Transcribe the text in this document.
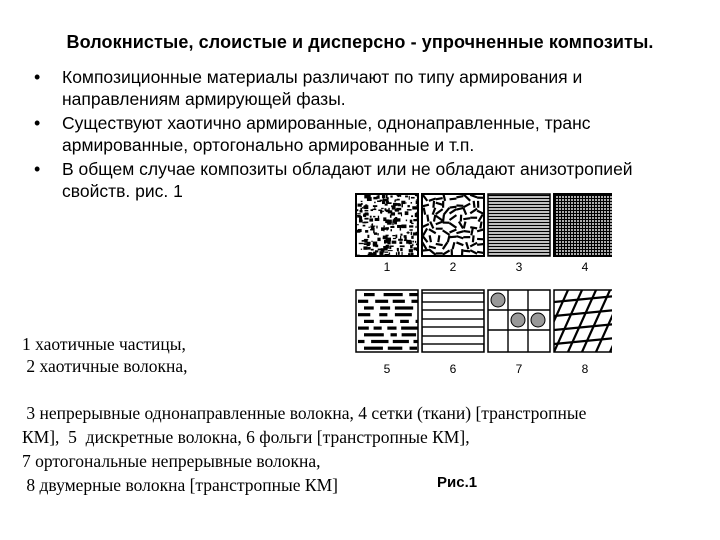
Волокнистые, слоистые и дисперсно - упрочненные композиты.
•	Композиционные материалы различают по типу армирования и
направлениям армирующей фазы.
•	Существуют хаотично армированные, однонаправленные, транс
армированные, ортогонально армированные и т.п.
•	В общем случае композиты обладают или не обладают анизотропией
свойств. рис. 1
1	2	3	4
5	6	7	8
1 хаотичные частицы,
2 хаотичные волокна,
3 непрерывные однонаправленные волокна, 4 сетки (ткани) [транстропные
КМ],  5  дискретные волокна, 6 фольги [транстропные КМ],
7 ортогональные непрерывные волокна,
8 двумерные волокна [транстропные КМ]	Рис.1
